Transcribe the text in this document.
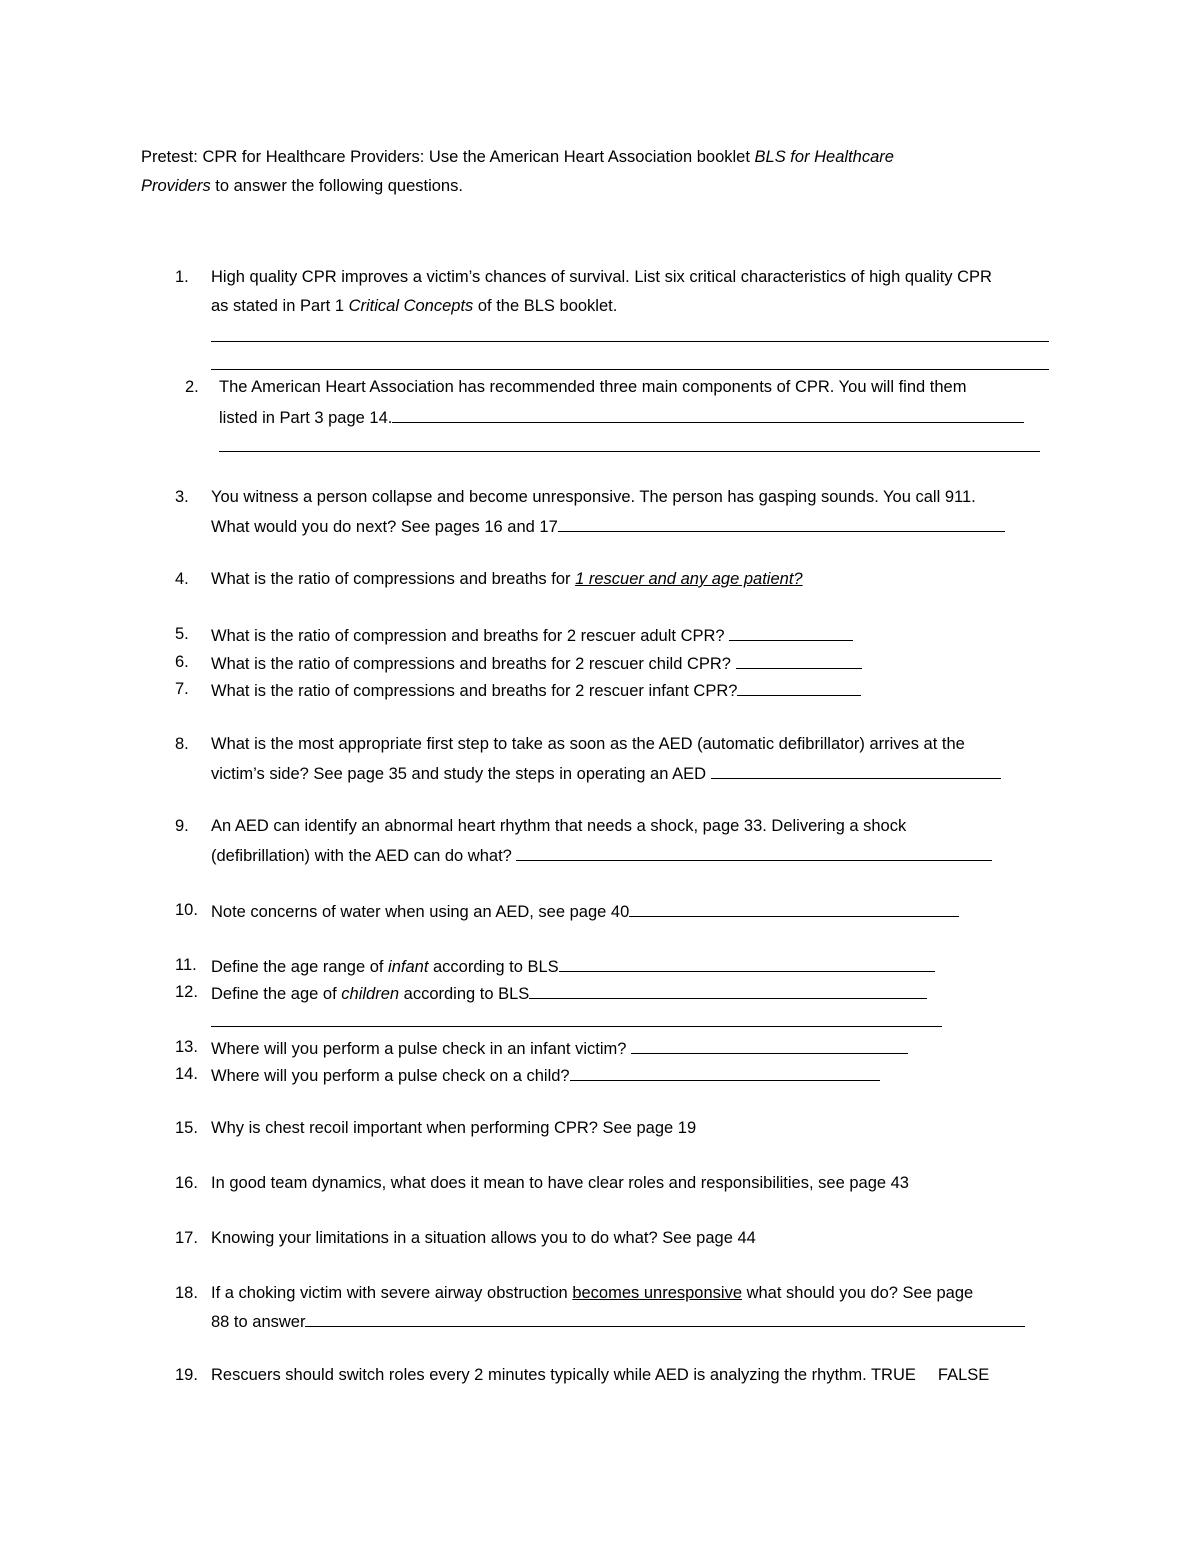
Pretest: CPR for Healthcare Providers: Use the American Heart Association booklet BLS for Healthcare
Providers to answer the following questions.
1.	High quality CPR improves a victim’s chances of survival. List six critical characteristics of high quality CPR
as stated in Part 1 Critical Concepts of the BLS booklet.
2.	The American Heart Association has recommended three main components of CPR. You will find them
listed in Part 3 page 14.
3.	You witness a person collapse and become unresponsive. The person has gasping sounds. You call 911.
What would you do next? See pages 16 and 17
4.	What is the ratio of compressions and breaths for 1 rescuer and any age patient?
5.	What is the ratio of compression and breaths for 2 rescuer adult CPR?
6.	What is the ratio of compressions and breaths for 2 rescuer child CPR?
7.	What is the ratio of compressions and breaths for 2 rescuer infant CPR?
8.	What is the most appropriate first step to take as soon as the AED (automatic defibrillator) arrives at the
victim’s side? See page 35 and study the steps in operating an AED
9.	An AED can identify an abnormal heart rhythm that needs a shock, page 33. Delivering a shock
(defibrillation) with the AED can do what?
10. Note concerns of water when using an AED, see page 40
11. Define the age range of infant according to BLS
12. Define the age of children according to BLS
13. Where will you perform a pulse check in an infant victim?
14. Where will you perform a pulse check on a child?
15. Why is chest recoil important when performing CPR? See page 19
16. In good team dynamics, what does it mean to have clear roles and responsibilities, see page 43
17. Knowing your limitations in a situation allows you to do what? See page 44
18. If a choking victim with severe airway obstruction becomes unresponsive what should you do? See page
88 to answer
19. Rescuers should switch roles every 2 minutes typically while AED is analyzing the rhythm. TRUE FALSE
